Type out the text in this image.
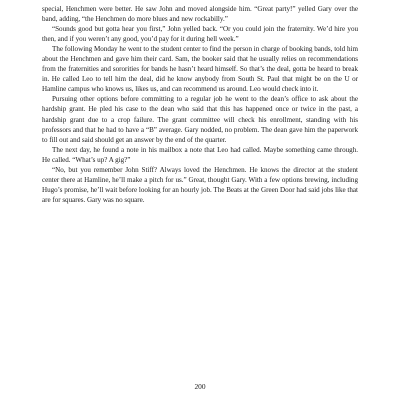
special, Henchmen were better. He saw John and moved alongside him. “Great party!” yelled Gary over the band, adding, “the Henchmen do more blues and new rockabilly.”

“Sounds good but gotta hear you first,” John yelled back. “Or you could join the fraternity. We’d hire you then, and if you weren’t any good, you’d pay for it during hell week.”

The following Monday he went to the student center to find the person in charge of booking bands, told him about the Henchmen and gave him their card. Sam, the booker said that he usually relies on recommendations from the fraternities and sororities for bands he hasn’t heard himself. So that’s the deal, gotta be heard to break in. He called Leo to tell him the deal, did he know anybody from South St. Paul that might be on the U or Hamline campus who knows us, likes us, and can recommend us around. Leo would check into it.

Pursuing other options before committing to a regular job he went to the dean’s office to ask about the hardship grant. He pled his case to the dean who said that this has happened once or twice in the past, a hardship grant due to a crop failure. The grant committee will check his enrollment, standing with his professors and that he had to have a “B” average. Gary nodded, no problem. The dean gave him the paperwork to fill out and said should get an answer by the end of the quarter.

The next day, he found a note in his mailbox a note that Leo had called. Maybe something came through. He called. “What’s up? A gig?”

“No, but you remember John Stiff? Always loved the Henchmen. He knows the director at the student center there at Hamline, he’ll make a pitch for us.” Great, thought Gary. With a few options brewing, including Hugo’s promise, he’ll wait before looking for an hourly job. The Beats at the Green Door had said jobs like that are for squares. Gary was no square.

200
